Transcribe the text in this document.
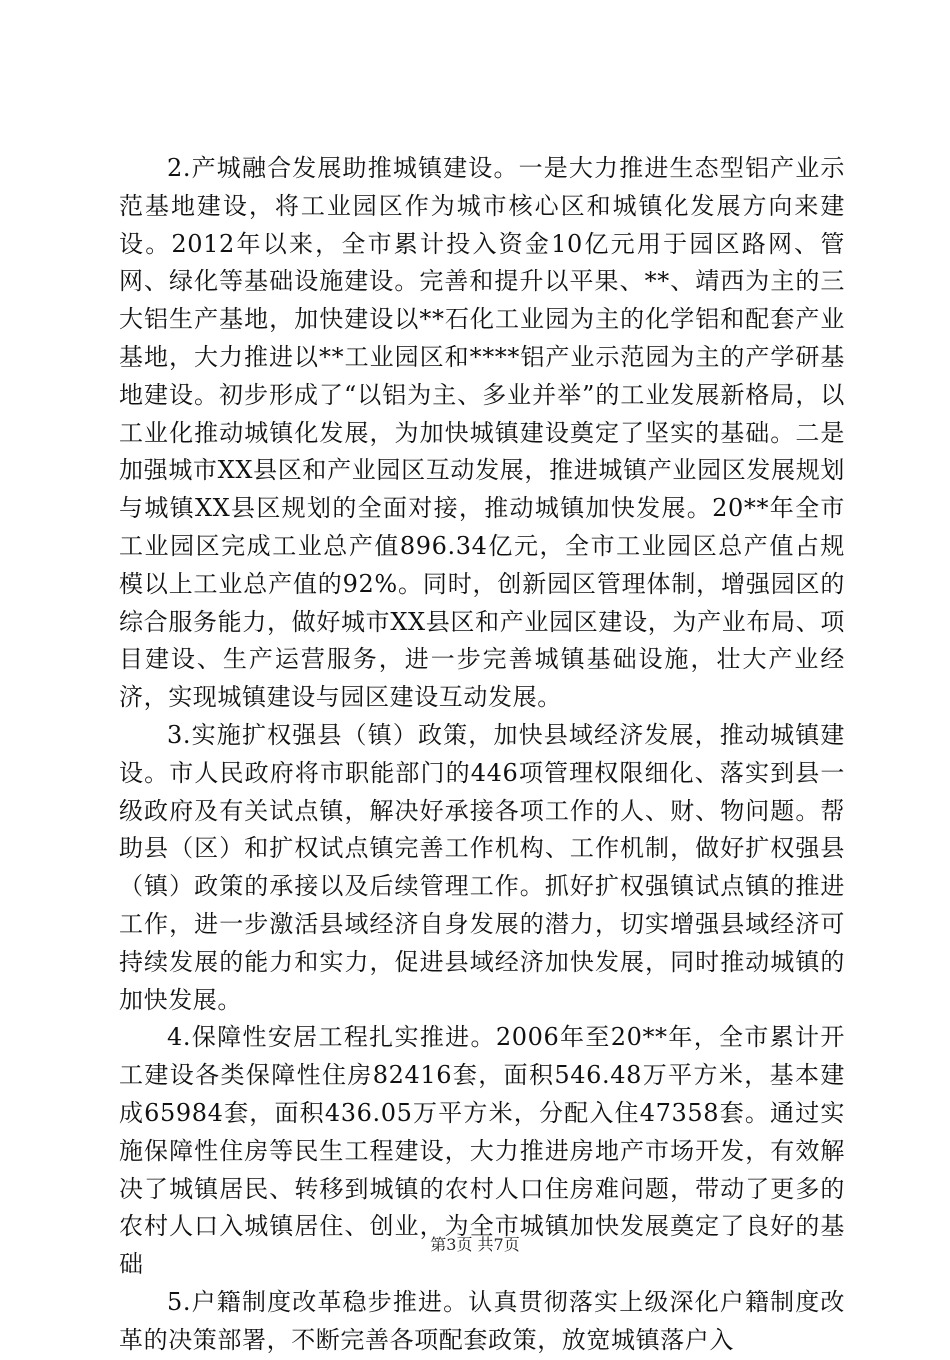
2.产城融合发展助推城镇建设。一是大力推进生态型铝产业示范基地建设，将工业园区作为城市核心区和城镇化发展方向来建设。2012年以来，全市累计投入资金10亿元用于园区路网、管网、绿化等基础设施建设。完善和提升以平果、**、靖西为主的三大铝生产基地，加快建设以**石化工业园为主的化学铝和配套产业基地，大力推进以**工业园区和****铝产业示范园为主的产学研基地建设。初步形成了“以铝为主、多业并举”的工业发展新格局，以工业化推动城镇化发展，为加快城镇建设奠定了坚实的基础。二是加强城市XX县区和产业园区互动发展，推进城镇产业园区发展规划与城镇XX县区规划的全面对接，推动城镇加快发展。20**年全市工业园区完成工业总产值896.34亿元，全市工业园区总产值占规模以上工业总产值的92%。同时，创新园区管理体制，增强园区的综合服务能力，做好城市XX县区和产业园区建设，为产业布局、项目建设、生产运营服务，进一步完善城镇基础设施，壮大产业经济，实现城镇建设与园区建设互动发展。

3.实施扩权强县（镇）政策，加快县域经济发展，推动城镇建设。市人民政府将市职能部门的446项管理权限细化、落实到县一级政府及有关试点镇，解决好承接各项工作的人、财、物问题。帮助县（区）和扩权试点镇完善工作机构、工作机制，做好扩权强县（镇）政策的承接以及后续管理工作。抓好扩权强镇试点镇的推进工作，进一步激活县域经济自身发展的潜力，切实增强县域经济可持续发展的能力和实力，促进县域经济加快发展，同时推动城镇的加快发展。

4.保障性安居工程扎实推进。2006年至20**年，全市累计开工建设各类保障性住房82416套，面积546.48万平方米，基本建成65984套，面积436.05万平方米，分配入住47358套。通过实施保障性住房等民生工程建设，大力推进房地产市场开发，有效解决了城镇居民、转移到城镇的农村人口住房难问题，带动了更多的农村人口入城镇居住、创业，为全市城镇加快发展奠定了良好的基础

5.户籍制度改革稳步推进。认真贯彻落实上级深化户籍制度改革的决策部署，不断完善各项配套政策，放宽城镇落户入

第3页 共7页
